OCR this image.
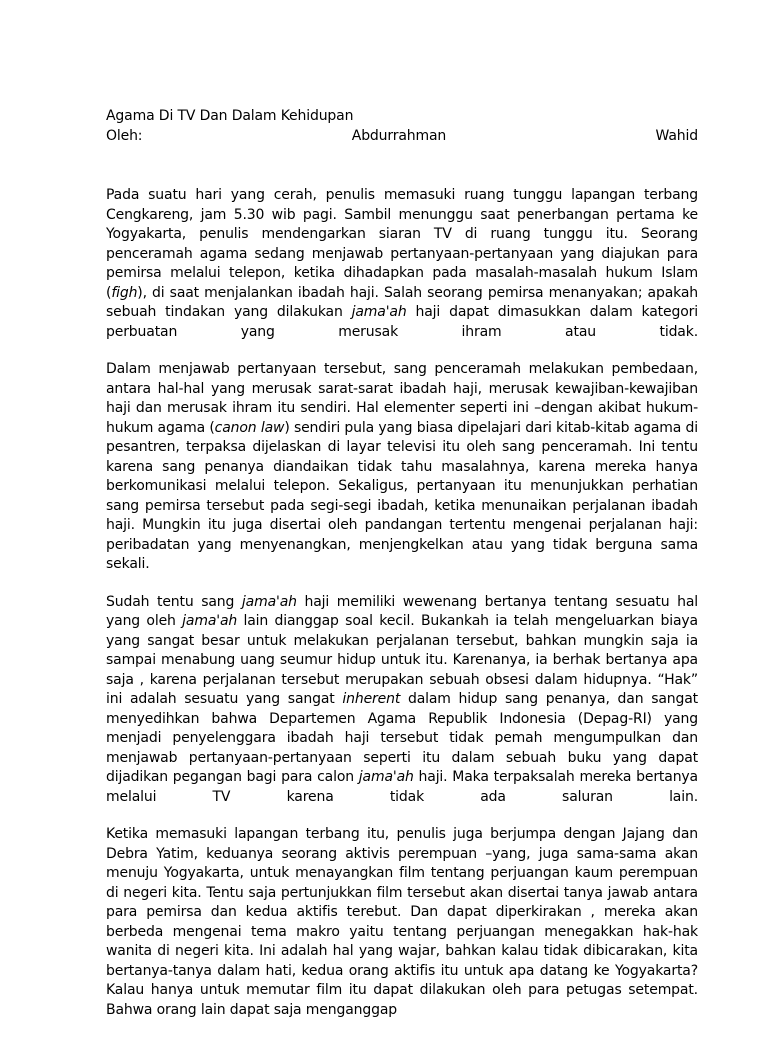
Agama Di TV Dan Dalam Kehidupan
Oleh:	Abdurrahman	Wahid

Pada suatu hari yang cerah, penulis memasuki ruang tunggu lapangan terbang Cengkareng, jam 5.30 wib pagi. Sambil menunggu saat penerbangan pertama ke Yogyakarta, penulis mendengarkan siaran TV di ruang tunggu itu. Seorang penceramah agama sedang menjawab pertanyaan-pertanyaan yang diajukan para pemirsa melalui telepon, ketika dihadapkan pada masalah-masalah hukum Islam (figh), di saat menjalankan ibadah haji. Salah seorang pemirsa menanyakan; apakah sebuah tindakan yang dilakukan jama'ah haji dapat dimasukkan dalam kategori perbuatan yang merusak ihram atau tidak.

Dalam menjawab pertanyaan tersebut, sang penceramah melakukan pembedaan, antara hal-hal yang merusak sarat-sarat ibadah haji, merusak kewajiban-kewajiban haji dan merusak ihram itu sendiri. Hal elementer seperti ini –dengan akibat hukum-hukum agama (canon law) sendiri pula yang biasa dipelajari dari kitab-kitab agama di pesantren, terpaksa dijelaskan di layar televisi itu oleh sang penceramah. Ini tentu karena sang penanya diandaikan tidak tahu masalahnya, karena mereka hanya berkomunikasi melalui telepon. Sekaligus, pertanyaan itu menunjukkan perhatian sang pemirsa tersebut pada segi-segi ibadah, ketika menunaikan perjalanan ibadah haji. Mungkin itu juga disertai oleh pandangan tertentu mengenai perjalanan haji: peribadatan yang menyenangkan, menjengkelkan atau yang tidak berguna sama sekali.

Sudah tentu sang jama'ah haji memiliki wewenang bertanya tentang sesuatu hal yang oleh jama'ah lain dianggap soal kecil. Bukankah ia telah mengeluarkan biaya yang sangat besar untuk melakukan perjalanan tersebut, bahkan mungkin saja ia sampai menabung uang seumur hidup untuk itu. Karenanya, ia berhak bertanya apa saja , karena perjalanan tersebut merupakan sebuah obsesi dalam hidupnya. “Hak” ini adalah sesuatu yang sangat inherent dalam hidup sang penanya, dan sangat menyedihkan bahwa Departemen Agama Republik Indonesia (Depag-RI) yang menjadi penyelenggara ibadah haji tersebut tidak pemah mengumpulkan dan menjawab pertanyaan-pertanyaan seperti itu dalam sebuah buku yang dapat dijadikan pegangan bagi para calon jama'ah haji. Maka terpaksalah mereka bertanya melalui TV karena tidak ada saluran lain.

Ketika memasuki lapangan terbang itu, penulis juga berjumpa dengan Jajang dan Debra Yatim, keduanya seorang aktivis perempuan –yang, juga sama-sama akan menuju Yogyakarta, untuk menayangkan film tentang perjuangan kaum perempuan di negeri kita. Tentu saja pertunjukkan film tersebut akan disertai tanya jawab antara para pemirsa dan kedua aktifis terebut. Dan dapat diperkirakan , mereka akan berbeda mengenai tema makro yaitu tentang perjuangan menegakkan hak-hak wanita di negeri kita. Ini adalah hal yang wajar, bahkan kalau tidak dibicarakan, kita bertanya-tanya dalam hati, kedua orang aktifis itu untuk apa datang ke Yogyakarta? Kalau hanya untuk memutar film itu dapat dilakukan oleh para petugas setempat. Bahwa orang lain dapat saja menganggap
